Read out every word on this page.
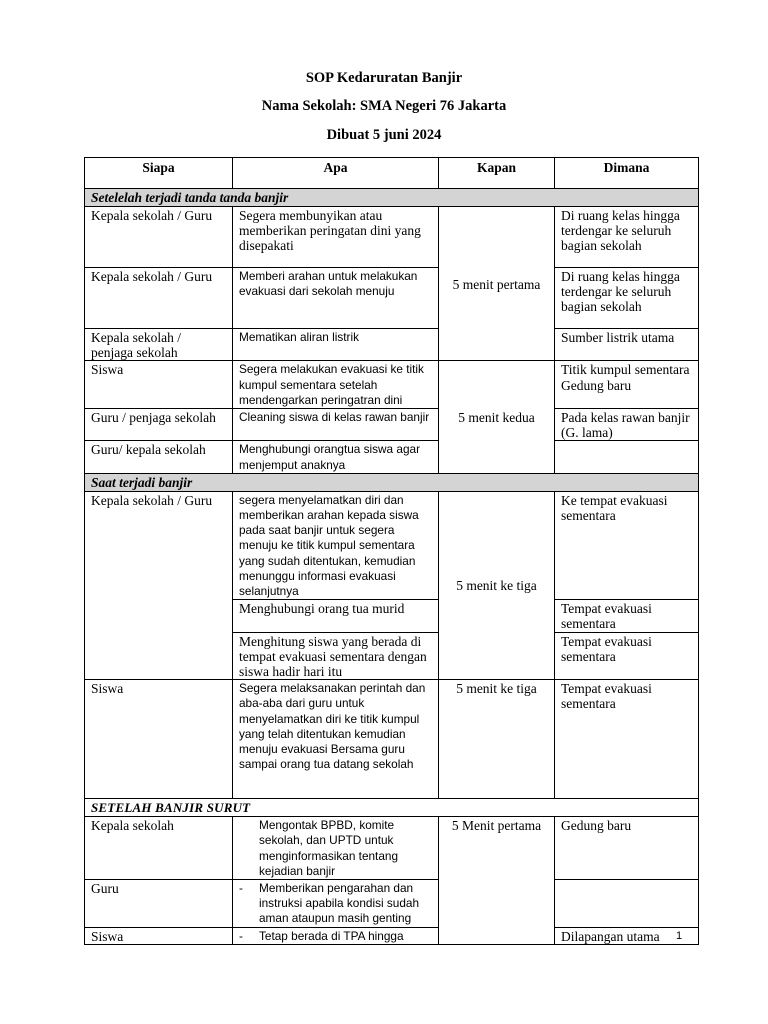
SOP Kedaruratan Banjir
Nama Sekolah: SMA Negeri 76 Jakarta
Dibuat 5 juni 2024
Siapa	Apa	Kapan	Dimana
Setelelah terjadi tanda tanda banjir			
Kepala sekolah / Guru	Segera membunyikan atau memberikan peringatan dini yang disepakati	5 menit pertama	Di ruang kelas hingga terdengar ke seluruh bagian sekolah
Kepala sekolah / Guru	Memberi arahan untuk melakukan evakuasi dari sekolah menuju		Di ruang kelas hingga terdengar ke seluruh bagian sekolah
Kepala sekolah / penjaga sekolah	Mematikan aliran listrik		Sumber listrik utama
Siswa	Segera melakukan evakuasi ke titik kumpul sementara setelah mendengarkan peringatran dini	5 menit kedua	Titik kumpul sementara Gedung baru
Guru / penjaga sekolah	Cleaning siswa di kelas rawan banjir		Pada kelas rawan banjir (G. lama)
Guru/ kepala sekolah	Menghubungi orangtua siswa agar menjemput anaknya		
Saat terjadi banjir			
Kepala sekolah / Guru	segera menyelamatkan diri dan memberikan arahan kepada siswa pada saat banjir untuk segera menuju ke titik kumpul sementara yang sudah ditentukan, kemudian menunggu informasi evakuasi selanjutnya	5 menit ke tiga	Ke tempat evakuasi sementara
	Menghubungi orang tua murid		Tempat evakuasi sementara
	Menghitung siswa yang berada di tempat evakuasi sementara dengan siswa hadir hari itu		Tempat evakuasi sementara
Siswa	Segera melaksanakan perintah dan aba-aba dari guru untuk menyelamatkan diri ke titik kumpul yang telah ditentukan kemudian menuju evakuasi Bersama guru sampai orang tua datang sekolah	5 menit ke tiga	Tempat evakuasi sementara
SETELAH BANJIR SURUT			
Kepala sekolah	Mengontak BPBD, komite sekolah, dan UPTD untuk menginformasikan tentang kejadian banjir	5 Menit pertama	Gedung baru
Guru	- Memberikan pengarahan dan instruksi apabila kondisi sudah aman ataupun masih genting		

Siswa	- Tetap berada di TPA hingga		Dilapangan utama 1
